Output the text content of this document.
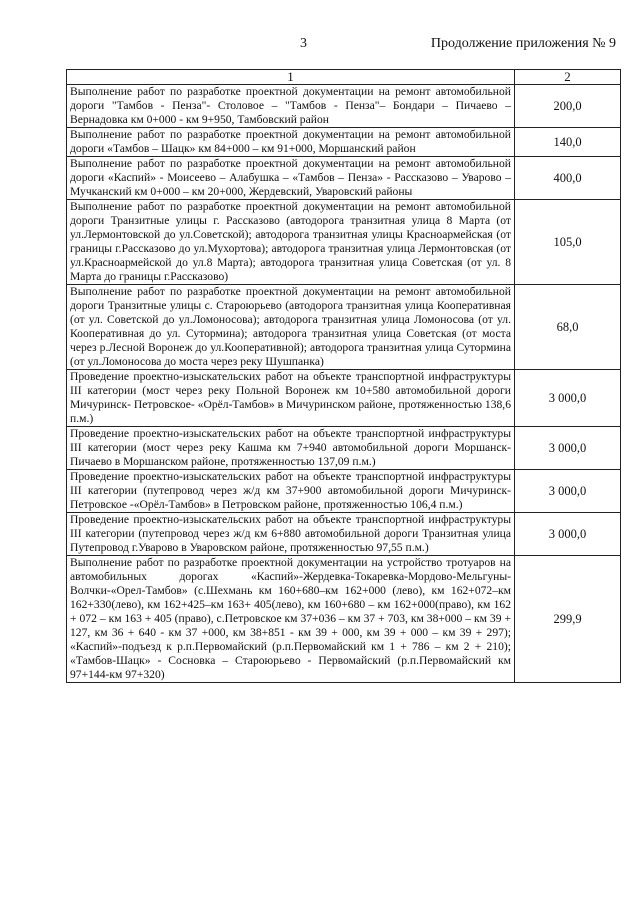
3	Продолжение приложения № 9
1	2
Выполнение работ по разработке проектной документации на ремонт автомобильной дороги "Тамбов - Пенза"- Столовое – "Тамбов - Пенза"– Бондари – Пичаево – Вернадовка км 0+000 - км 9+950, Тамбовский район	200,0
Выполнение работ по разработке проектной документации на ремонт автомобильной дороги «Тамбов – Шацк» км 84+000 – км 91+000, Моршанский район	140,0
Выполнение работ по разработке проектной документации на ремонт автомобильной дороги «Каспий» - Моисеево – Алабушка – «Тамбов – Пенза» - Рассказово – Уварово – Мучканский км 0+000 – км 20+000, Жердевский, Уваровский районы	400,0
Выполнение работ по разработке проектной документации на ремонт автомобильной дороги Транзитные улицы г. Рассказово (автодорога транзитная улица 8 Марта (от ул.Лермонтовской до ул.Советской); автодорога транзитная улицы Красноармейская (от границы г.Рассказово до ул.Мухортова); автодорога транзитная улица Лермонтовская (от ул.Красноармейской до ул.8 Марта); автодорога транзитная улица Советская (от ул. 8 Марта до границы г.Рассказово)	105,0
Выполнение работ по разработке проектной документации на ремонт автомобильной дороги Транзитные улицы с. Староюрьево (автодорога транзитная улица Кооперативная (от ул. Советской до ул.Ломоносова); автодорога транзитная улица Ломоносова (от ул. Кооперативная до ул. Сутормина); автодорога транзитная улица Советская (от моста через р.Лесной Воронеж до ул.Кооперативной); автодорога транзитная улица Сутормина (от ул.Ломоносова до моста через реку Шушпанка)	68,0
Проведение проектно-изыскательских работ на объекте транспортной инфраструктуры III категории (мост через реку Польной Воронеж км 10+580 автомобильной дороги Мичуринск- Петровское- «Орёл-Тамбов» в Мичуринском районе, протяженностью 138,6 п.м.)	3 000,0
Проведение проектно-изыскательских работ на объекте транспортной инфраструктуры III категории (мост через реку Кашма км 7+940 автомобильной дороги Моршанск-Пичаево в Моршанском районе, протяженностью 137,09 п.м.)	3 000,0
Проведение проектно-изыскательских работ на объекте транспортной инфраструктуры III категории (путепровод через ж/д км 37+900 автомобильной дороги Мичуринск- Петровское -«Орёл-Тамбов» в Петровском районе, протяженностью 106,4 п.м.)	3 000,0
Проведение проектно-изыскательских работ на объекте транспортной инфраструктуры III категории (путепровод через ж/д км 6+880 автомобильной дороги Транзитная улица Путепровод г.Уварово в Уваровском районе, протяженностью 97,55 п.м.)	3 000,0
Выполнение работ по разработке проектной документации на устройство тротуаров на автомобильных дорогах «Каспий»-Жердевка-Токаревка-Мордово-Мельгуны-Волчки-«Орел-Тамбов» (с.Шехмань км 160+680–км 162+000 (лево), км 162+072–км 162+330(лево), км 162+425–км 163+ 405(лево), км 160+680 – км 162+000(право), км 162 + 072 – км 163 + 405 (право), с.Петровское км 37+036 – км 37 + 703, км 38+000 – км 39 + 127, км 36 + 640 - км 37 +000, км 38+851 - км 39 + 000, км 39 + 000 – км 39 + 297); «Каспий»-подъезд к р.п.Первомайский (р.п.Первомайский км 1 + 786 – км 2 + 210); «Тамбов-Шацк» - Сосновка – Староюрьево - Первомайский (р.п.Первомайский км 97+144-км 97+320)	299,9
